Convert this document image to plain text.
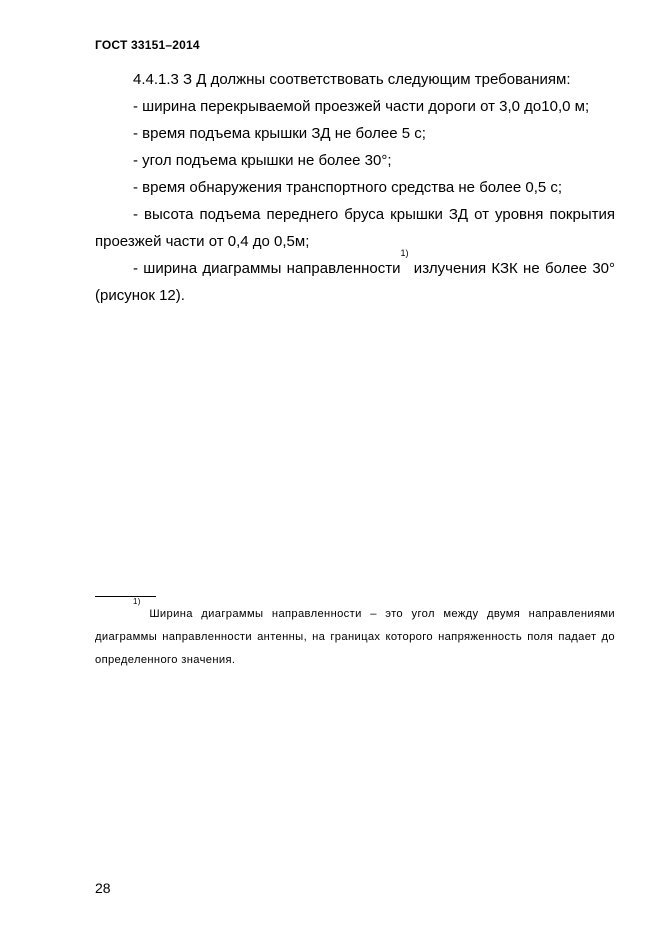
ГОСТ 33151–2014

4.4.1.3 З Д должны соответствовать следующим требованиям:

- ширина перекрываемой проезжей части дороги от 3,0 до10,0 м;

- время подъема крышки ЗД не более 5 с;

- угол подъема крышки не более 30°;

- время обнаружения транспортного средства не более 0,5 с;

- высота подъема переднего бруса крышки ЗД от уровня покрытия проезжей части от 0,4 до 0,5м;

- ширина диаграммы направленности$^{1)}$ излучения КЗК не более 30°(рисунок 12).

$^{1)}$ Ширина диаграммы направленности – это угол между двумя направлениями диаграммы направленности антенны, на границах которого напряженность поля падает до определенного значения.

28
